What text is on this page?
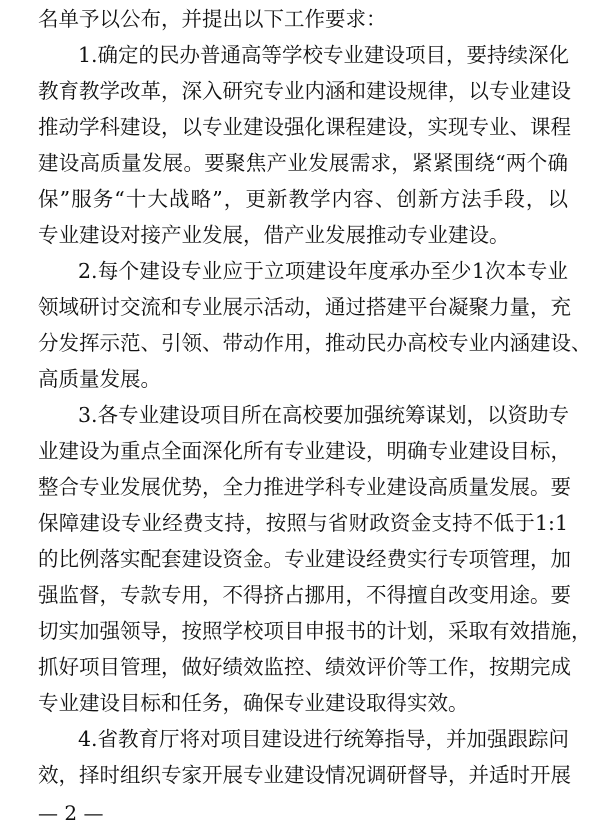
名单予以公布，并提出以下工作要求：
1.确定的民办普通高等学校专业建设项目，要持续深化
教育教学改革，深入研究专业内涵和建设规律，以专业建设
推动学科建设，以专业建设强化课程建设，实现专业、课程
建设高质量发展。要聚焦产业发展需求，紧紧围绕“两个确
保”服务“十大战略”，更新教学内容、创新方法手段，以
专业建设对接产业发展，借产业发展推动专业建设。
2.每个建设专业应于立项建设年度承办至少1次本专业
领域研讨交流和专业展示活动，通过搭建平台凝聚力量，充
分发挥示范、引领、带动作用，推动民办高校专业内涵建设、
高质量发展。
3.各专业建设项目所在高校要加强统筹谋划，以资助专
业建设为重点全面深化所有专业建设，明确专业建设目标，
整合专业发展优势，全力推进学科专业建设高质量发展。要
保障建设专业经费支持，按照与省财政资金支持不低于1:1
的比例落实配套建设资金。专业建设经费实行专项管理，加
强监督，专款专用，不得挤占挪用，不得擅自改变用途。要
切实加强领导，按照学校项目申报书的计划，采取有效措施，
抓好项目管理，做好绩效监控、绩效评价等工作，按期完成
专业建设目标和任务，确保专业建设取得实效。
4.省教育厅将对项目建设进行统筹指导，并加强跟踪问
效，择时组织专家开展专业建设情况调研督导，并适时开展
— 2 —
